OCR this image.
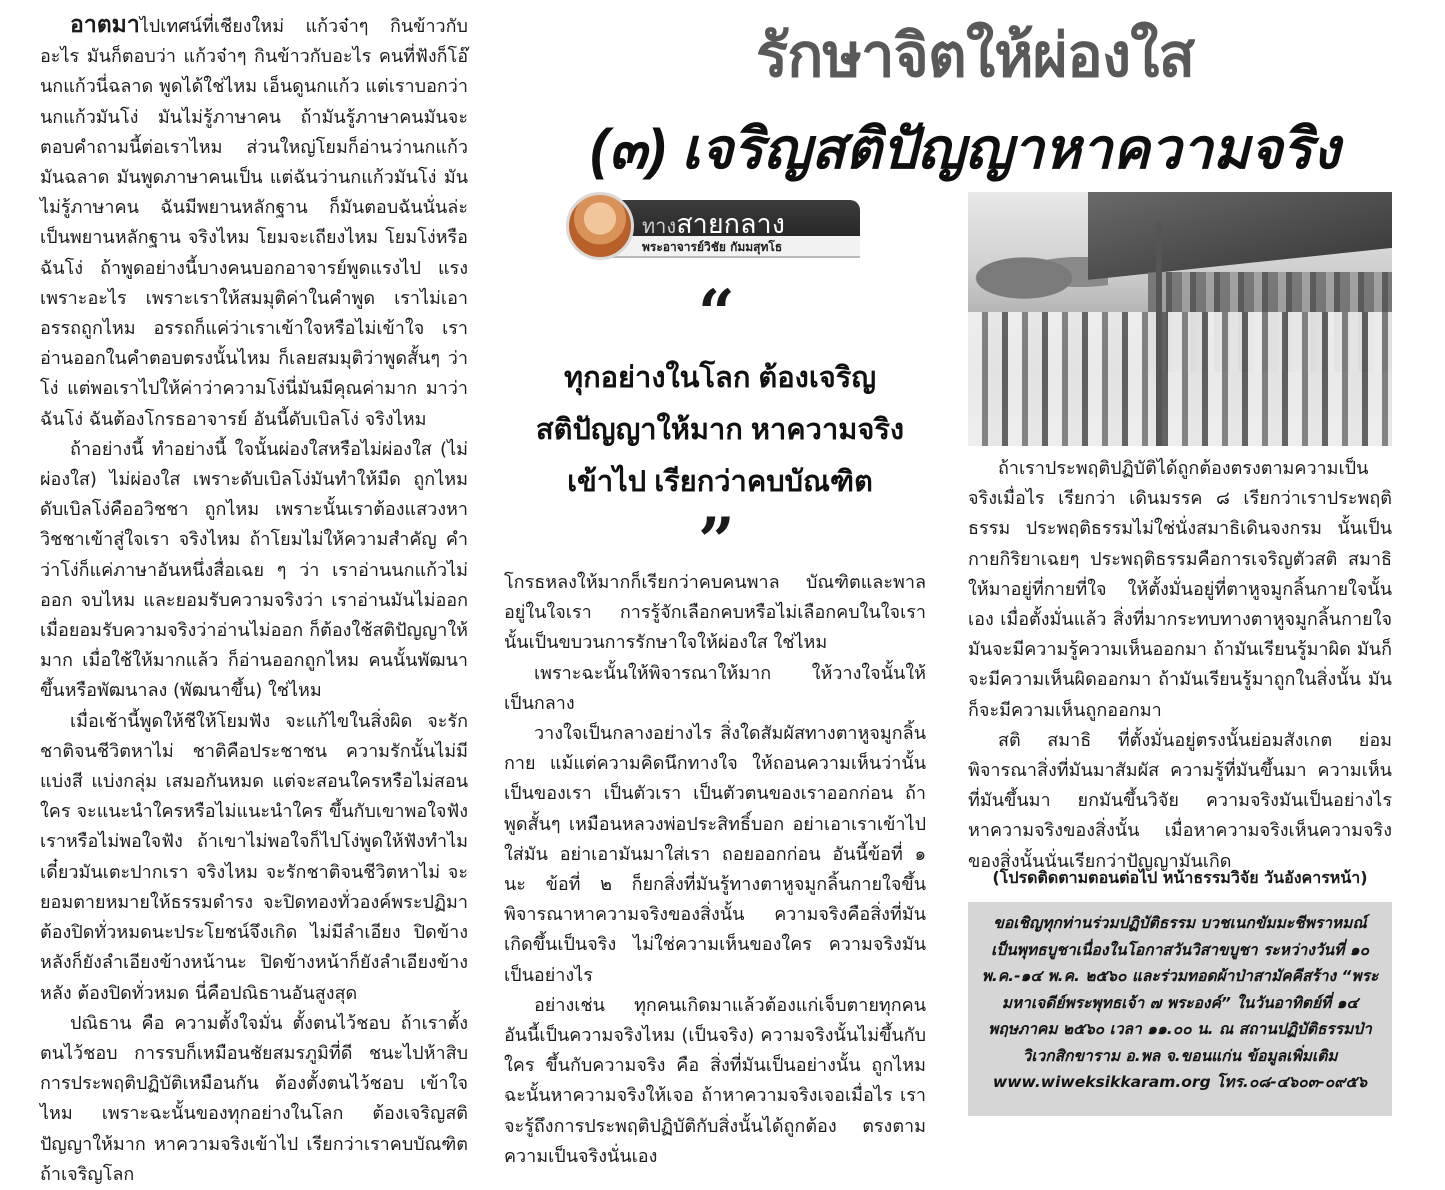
รักษาจิตให้ผ่องใส
(๓) เจริญสติปัญญาหาความจริง

อาตมาไปเทศน์ที่เชียงใหม่ แก้วจ๋าๆ กินข้าวกับอะไร มันก็ตอบว่า แก้วจ๋าๆ กินข้าวกับอะไร คนที่ฟังก็โอ๊ นกแก้วนี่ฉลาด พูดได้ใช่ไหม เอ็นดูนกแก้ว แต่เราบอกว่านกแก้วมันโง่ มันไม่รู้ภาษาคน ถ้ามันรู้ภาษาคนมันจะตอบคำถามนี้ต่อเราไหม ส่วนใหญ่โยมก็อ่านว่านกแก้วมันฉลาด มันพูดภาษาคนเป็น แต่ฉันว่านกแก้วมันโง่ มันไม่รู้ภาษาคน ฉันมีพยานหลักฐาน ก็มันตอบฉันนั่นล่ะ เป็นพยานหลักฐาน จริงไหม โยมจะเถียงไหม โยมโง่หรือฉันโง่ ถ้าพูดอย่างนี้บางคนบอกอาจารย์พูดแรงไป แรงเพราะอะไร เพราะเราให้สมมุติค่าในคำพูด เราไม่เอาอรรถถูกไหม อรรถก็แค่ว่าเราเข้าใจหรือไม่เข้าใจ เราอ่านออกในคำตอบตรงนั้นไหม ก็เลยสมมุติว่าพูดสั้นๆ ว่าโง่ แต่พอเราไปให้ค่าว่าความโง่นี่มันมีคุณค่ามาก มาว่าฉันโง่ ฉันต้องโกรธอาจารย์ อันนี้ดับเบิลโง่ จริงไหม

ถ้าอย่างนี้ ทำอย่างนี้ ใจนั้นผ่องใสหรือไม่ผ่องใส (ไม่ผ่องใส) ไม่ผ่องใส เพราะดับเบิลโง่มันทำให้มืด ถูกไหม ดับเบิลโง่คืออวิชชา ถูกไหม เพราะนั้นเราต้องแสวงหาวิชชาเข้าสู่ใจเรา จริงไหม ถ้าโยมไม่ให้ความสำคัญ คำว่าโง่ก็แค่ภาษาอันหนึ่งสื่อเฉย ๆ ว่า เราอ่านนกแก้วไม่ออก จบไหม และยอมรับความจริงว่า เราอ่านมันไม่ออก เมื่อยอมรับความจริงว่าอ่านไม่ออก ก็ต้องใช้สติปัญญาให้มาก เมื่อใช้ให้มากแล้ว ก็อ่านออกถูกไหม คนนั้นพัฒนาขึ้นหรือพัฒนาลง (พัฒนาขึ้น) ใช่ไหม

เมื่อเช้านี้พูดให้ชีให้โยมฟัง จะแก้ไขในสิ่งผิด จะรักชาติจนชีวิตหาไม่ ชาติคือประชาชน ความรักนั้นไม่มีแบ่งสี แบ่งกลุ่ม เสมอกันหมด แต่จะสอนใครหรือไม่สอนใคร จะแนะนำใครหรือไม่แนะนำใคร ขึ้นกับเขาพอใจฟังเราหรือไม่พอใจฟัง ถ้าเขาไม่พอใจก็ไปโง่พูดให้ฟังทำไม เดี๋ยวมันเตะปากเรา จริงไหม จะรักชาติจนชีวิตหาไม่ จะยอมตายหมายให้ธรรมดำรง จะปิดทองทั่วองค์พระปฏิมา ต้องปิดทั่วหมดนะประโยชน์จึงเกิด ไม่มีลำเอียง ปิดข้างหลังก็ยังลำเอียงข้างหน้านะ ปิดข้างหน้าก็ยังลำเอียงข้างหลัง ต้องปิดทั่วหมด นี่คือปณิธานอันสูงสุด

ปณิธาน คือ ความตั้งใจมั่น ตั้งตนไว้ชอบ ถ้าเราตั้งตนไว้ชอบ การรบก็เหมือนชัยสมรภูมิที่ดี ชนะไปห้าสิบ การประพฤติปฏิบัติเหมือนกัน ต้องตั้งตนไว้ชอบ เข้าใจไหม เพราะฉะนั้นของทุกอย่างในโลก ต้องเจริญสติปัญญาให้มาก หาความจริงเข้าไป เรียกว่าเราคบบัณฑิต ถ้าเจริญโลก

ทางสายกลาง
พระอาจารย์วิชัย กัมมสุทโธ
“
ทุกอย่างในโลก ต้องเจริญ
สติปัญญาให้มาก หาความจริง
เข้าไป เรียกว่าคบบัณฑิต
”

โกรธหลงให้มากก็เรียกว่าคบคนพาล บัณฑิตและพาลอยู่ในใจเรา การรู้จักเลือกคบหรือไม่เลือกคบในใจเรา นั้นเป็นขบวนการรักษาใจให้ผ่องใส ใช่ไหม

เพราะฉะนั้นให้พิจารณาให้มาก ให้วางใจนั้นให้เป็นกลาง

วางใจเป็นกลางอย่างไร สิ่งใดสัมผัสทางตาหูจมูกลิ้นกาย แม้แต่ความคิดนึกทางใจ ให้ถอนความเห็นว่านั้นเป็นของเรา เป็นตัวเรา เป็นตัวตนของเราออกก่อน ถ้าพูดสั้นๆ เหมือนหลวงพ่อประสิทธิ์บอก อย่าเอาเราเข้าไปใส่มัน อย่าเอามันมาใส่เรา ถอยออกก่อน อันนี้ข้อที่ ๑ นะ ข้อที่ ๒ ก็ยกสิ่งที่มันรู้ทางตาหูจมูกลิ้นกายใจขึ้นพิจารณาหาความจริงของสิ่งนั้น ความจริงคือสิ่งที่มันเกิดขึ้นเป็นจริง ไม่ใช่ความเห็นของใคร ความจริงมันเป็นอย่างไร

อย่างเช่น ทุกคนเกิดมาแล้วต้องแก่เจ็บตายทุกคน อันนี้เป็นความจริงไหม (เป็นจริง) ความจริงนั้นไม่ขึ้นกับใคร ขึ้นกับความจริง คือ สิ่งที่มันเป็นอย่างนั้น ถูกไหม ฉะนั้นหาความจริงให้เจอ ถ้าหาความจริงเจอเมื่อไร เราจะรู้ถึงการประพฤติปฏิบัติกับสิ่งนั้นได้ถูกต้อง ตรงตามความเป็นจริงนั่นเอง

ถ้าเราประพฤติปฏิบัติได้ถูกต้องตรงตามความเป็นจริงเมื่อไร เรียกว่า เดินมรรค ๘ เรียกว่าเราประพฤติธรรม ประพฤติธรรมไม่ใช่นั่งสมาธิเดินจงกรม นั้นเป็นกายกิริยาเฉยๆ ประพฤติธรรมคือการเจริญตัวสติ สมาธิ ให้มาอยู่ที่กายที่ใจ ให้ตั้งมั่นอยู่ที่ตาหูจมูกลิ้นกายใจนั้นเอง เมื่อตั้งมั่นแล้ว สิ่งที่มากระทบทางตาหูจมูกลิ้นกายใจ มันจะมีความรู้ความเห็นออกมา ถ้ามันเรียนรู้มาผิด มันก็จะมีความเห็นผิดออกมา ถ้ามันเรียนรู้มาถูกในสิ่งนั้น มันก็จะมีความเห็นถูกออกมา

สติ สมาธิ ที่ตั้งมั่นอยู่ตรงนั้นย่อมสังเกต ย่อมพิจารณาสิ่งที่มันมาสัมผัส ความรู้ที่มันขึ้นมา ความเห็นที่มันขึ้นมา ยกมันขึ้นวิจัย ความจริงมันเป็นอย่างไร หาความจริงของสิ่งนั้น เมื่อหาความจริงเห็นความจริงของสิ่งนั้นนั่นเรียกว่าปัญญามันเกิด

(โปรดติดตามตอนต่อไป หน้าธรรมวิจัย วันอังคารหน้า)
ขอเชิญทุกท่านร่วมปฏิบัติธรรม บวชเนกขัมมะชีพราหมณ์ เป็นพุทธบูชาเนื่องในโอกาสวันวิสาขบูชา ระหว่างวันที่ ๑๐ พ.ค.-๑๔ พ.ค. ๒๕๖๐ และร่วมทอดผ้าป่าสามัคคีสร้าง “พระมหาเจดีย์พระพุทธเจ้า ๗ พระองค์” ในวันอาทิตย์ที่ ๑๔ พฤษภาคม ๒๕๖๐ เวลา ๑๑.๐๐ น. ณ สถานปฏิบัติธรรมป่าวิเวกสิกขาราม อ.พล จ.ขอนแก่น ข้อมูลเพิ่มเติม
www.wiweksikkaram.org โทร.๐๘-๔๖๐๓-๐๙๕๖
